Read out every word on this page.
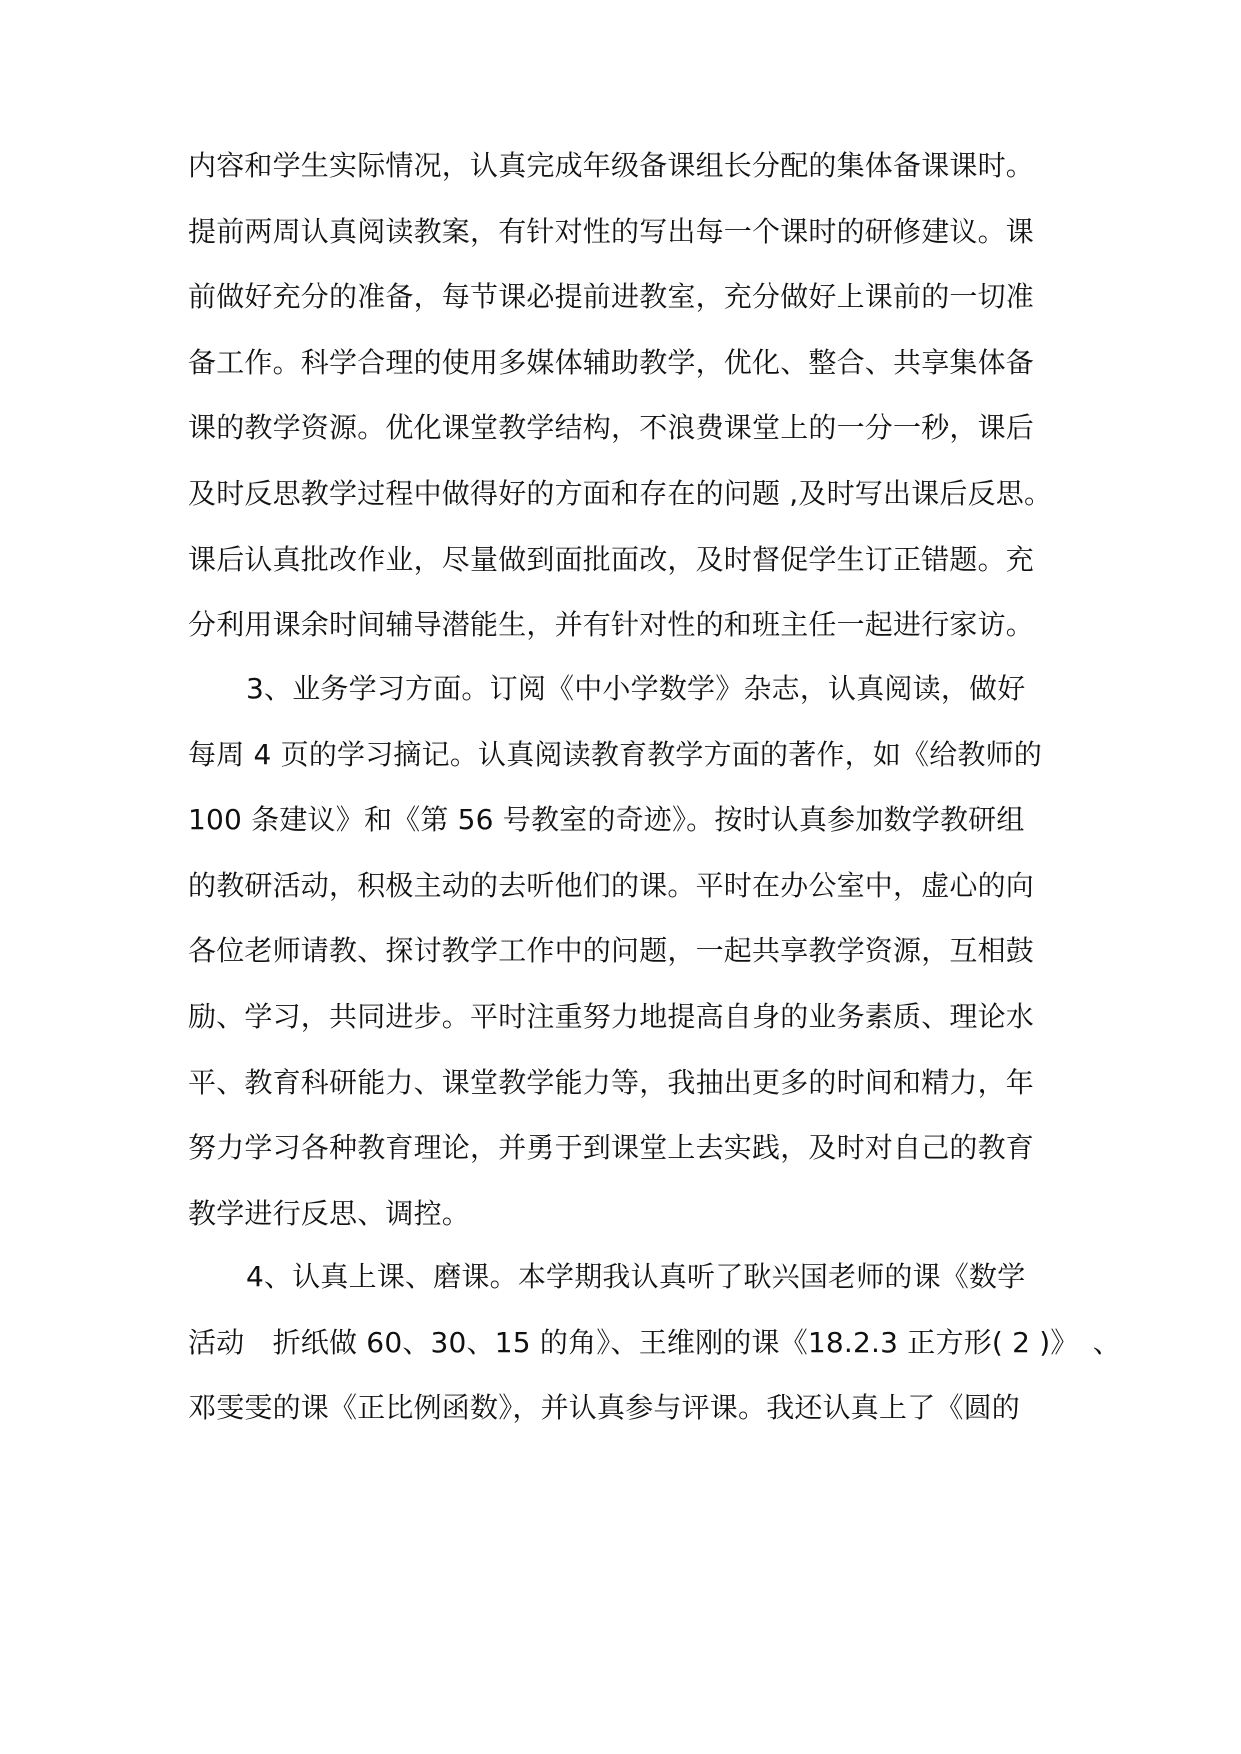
内容和学生实际情况，认真完成年级备课组长分配的集体备课课时。
提前两周认真阅读教案，有针对性的写出每一个课时的研修建议。课
前做好充分的准备，每节课必提前进教室，充分做好上课前的一切准
备工作。科学合理的使用多媒体辅助教学，优化、整合、共享集体备
课的教学资源。优化课堂教学结构，不浪费课堂上的一分一秒，课后
及时反思教学过程中做得好的方面和存在的问题 ,及时写出课后反思。
课后认真批改作业，尽量做到面批面改，及时督促学生订正错题。充
分利用课余时间辅导潜能生，并有针对性的和班主任一起进行家访。
3、业务学习方面。订阅《中小学数学》杂志，认真阅读，做好
每周 4 页的学习摘记。认真阅读教育教学方面的著作，如《给教师的
100 条建议》和《第 56 号教室的奇迹》。按时认真参加数学教研组
的教研活动，积极主动的去听他们的课。平时在办公室中，虚心的向
各位老师请教、探讨教学工作中的问题，一起共享教学资源，互相鼓
励、学习，共同进步。平时注重努力地提高自身的业务素质、理论水
平、教育科研能力、课堂教学能力等，我抽出更多的时间和精力，年
努力学习各种教育理论，并勇于到课堂上去实践，及时对自己的教育
教学进行反思、调控。
4、认真上课、磨课。本学期我认真听了耿兴国老师的课《数学
活动　折纸做 60、30、15 的角》、王维刚的课《18.2.3 正方形( 2 )》　、
邓雯雯的课《正比例函数》，并认真参与评课。我还认真上了《圆的
